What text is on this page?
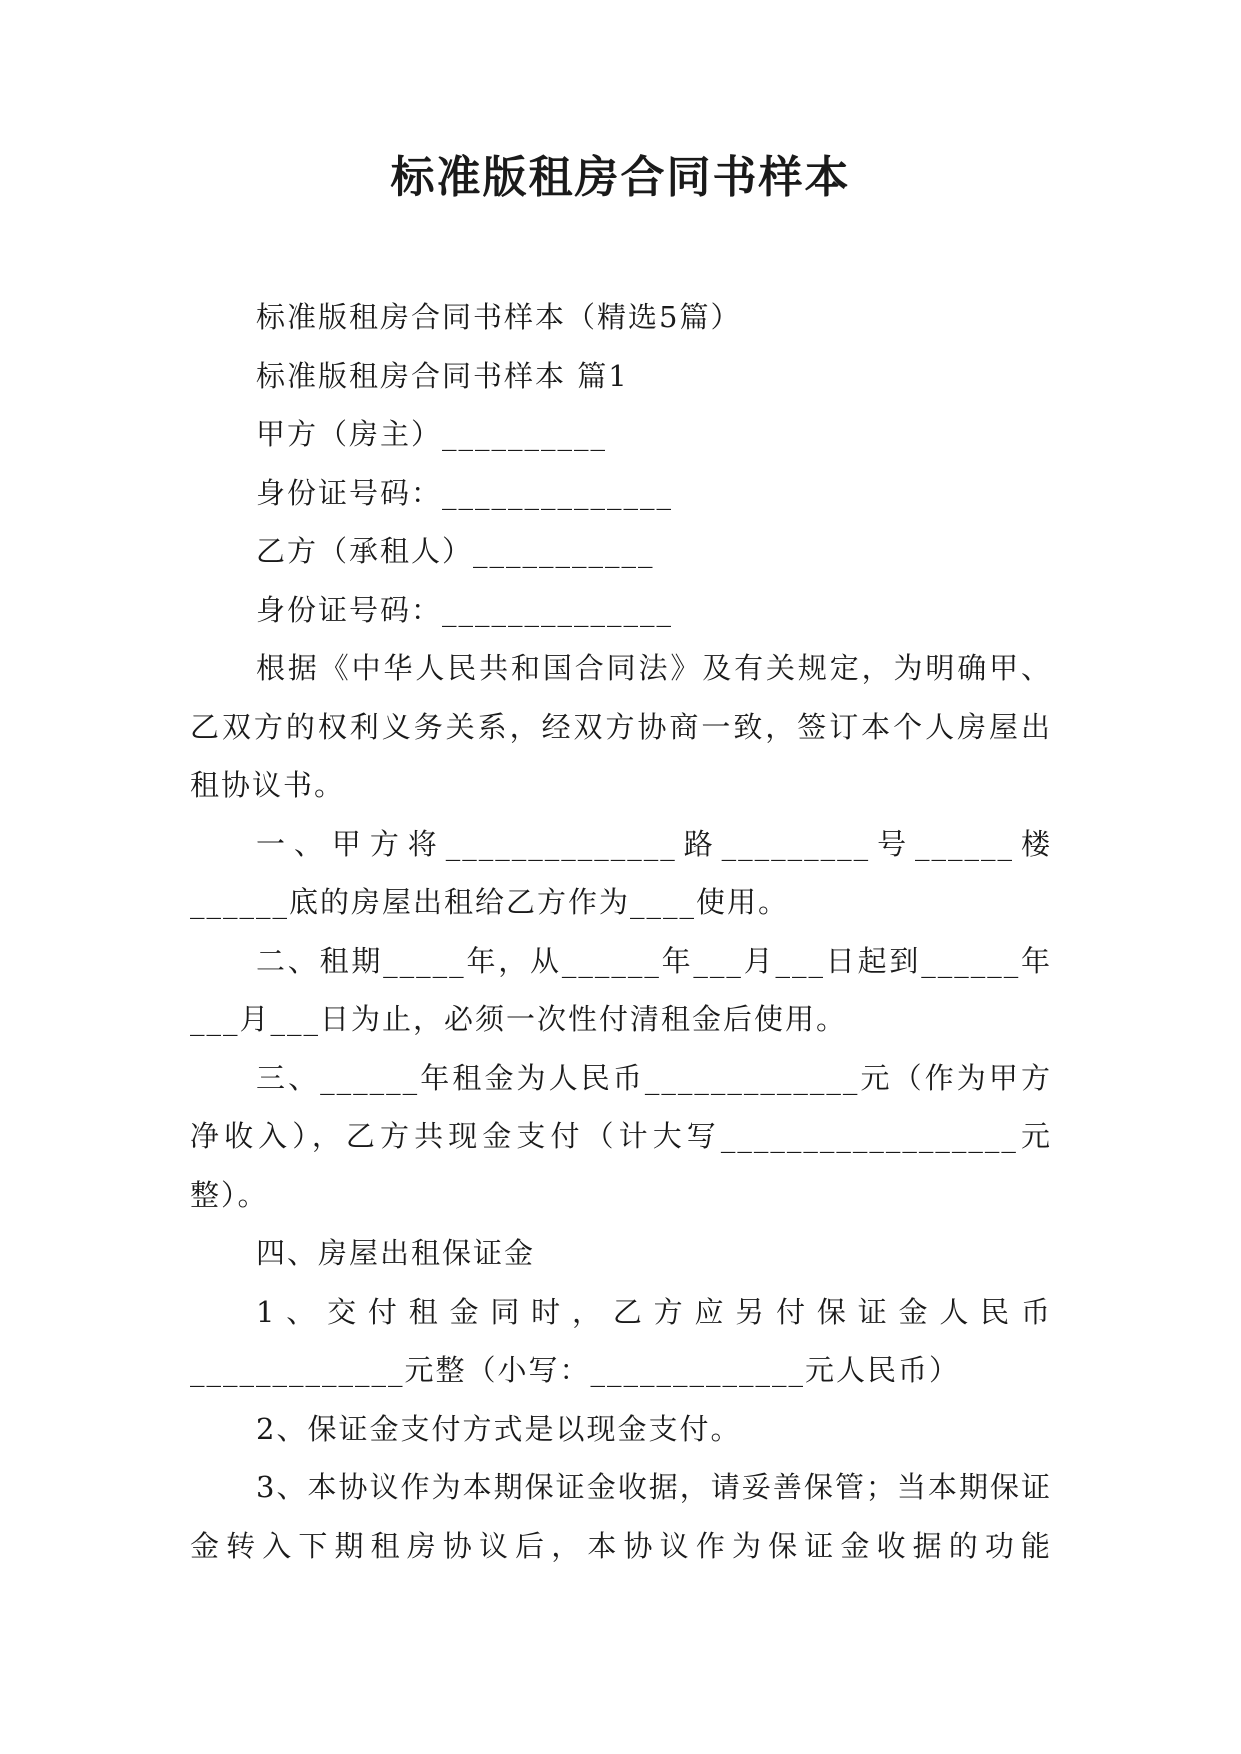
标准版租房合同书样本

标准版租房合同书样本（精选5篇）

标准版租房合同书样本 篇1

甲方（房主）__________

身份证号码：______________

乙方（承租人）___________

身份证号码：______________

根据《中华人民共和国合同法》及有关规定，为明确甲、乙双方的权利义务关系，经双方协商一致，签订本个人房屋出租协议书。

一、甲方将______________路_________号______楼______底的房屋出租给乙方作为____使用。

二、租期_____年，从______年___月___日起到______年___月___日为止，必须一次性付清租金后使用。

三、______年租金为人民币_____________元（作为甲方净收入），乙方共现金支付（计大写__________________元整）。

四、房屋出租保证金

1、交付租金同时，乙方应另付保证金人民币_____________元整（小写：_____________元人民币）

2、保证金支付方式是以现金支付。

3、本协议作为本期保证金收据，请妥善保管；当本期保证金转入下期租房协议后，本协议作为保证金收据的功能
